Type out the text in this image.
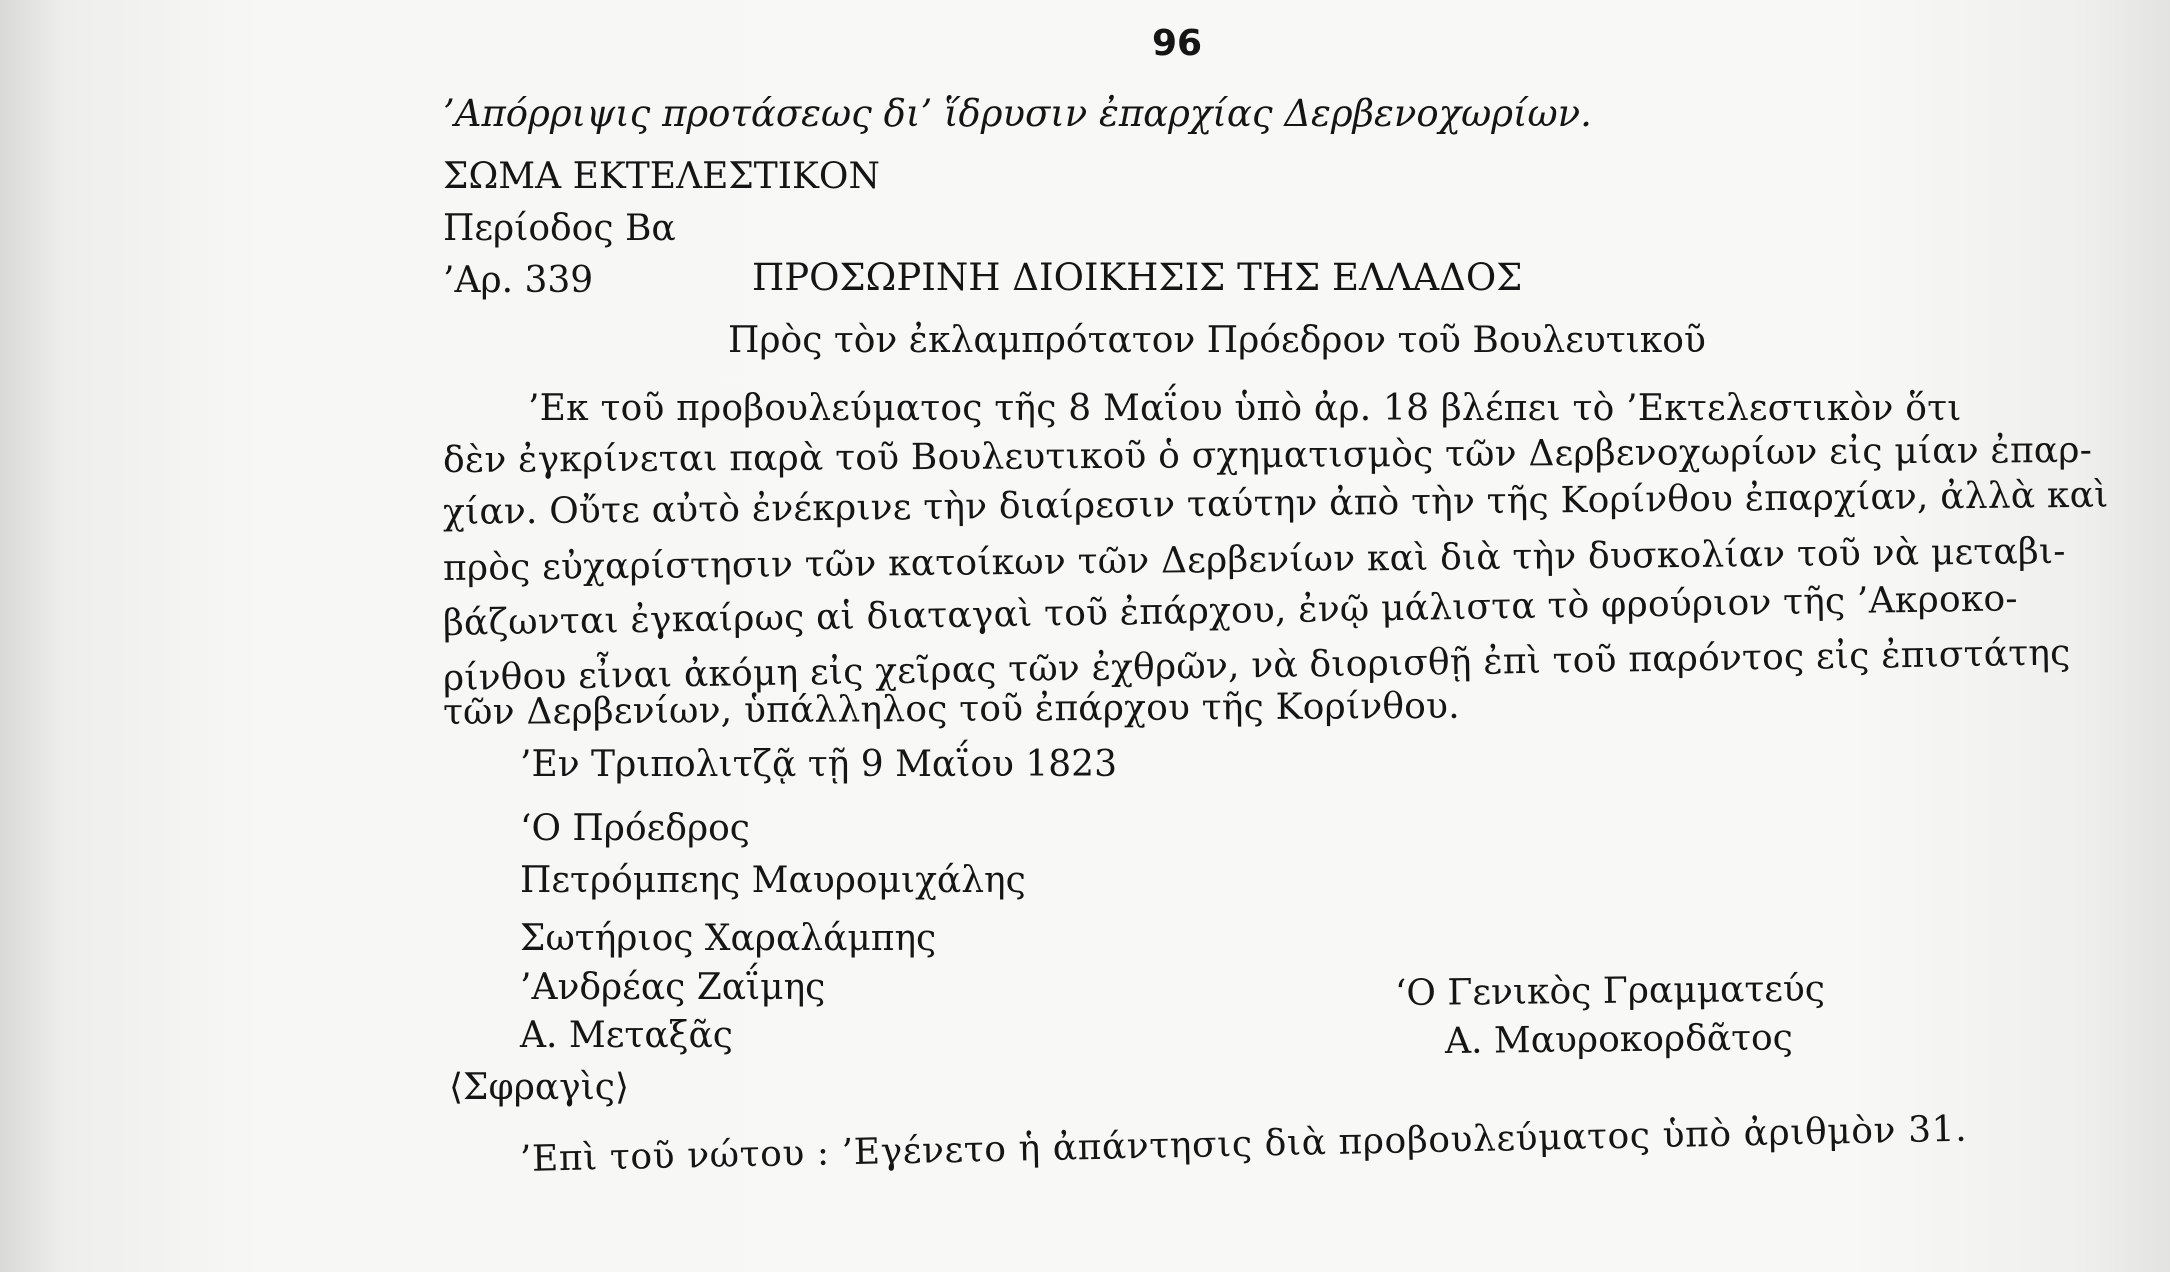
96
’Απόρριψις προτάσεως δι’ ἵδρυσιν ἐπαρχίας Δερβενοχωρίων.
ΣΩΜΑ ΕΚΤΕΛΕΣΤΙΚΟΝ
Περίοδος Βα
’Αρ. 339	ΠΡΟΣΩΡΙΝΗ ΔΙΟΙΚΗΣΙΣ ΤΗΣ ΕΛΛΑΔΟΣ
Πρὸς τὸν ἐκλαμπρότατον Πρόεδρον τοῦ Βουλευτικοῦ
’Εκ τοῦ προβουλεύματος τῆς 8 Μαΐου ὑπὸ ἀρ. 18 βλέπει τὸ ’Εκτελεστικὸν ὅτι
δὲν ἐγκρίνεται παρὰ τοῦ Βουλευτικοῦ ὁ σχηματισμὸς τῶν Δερβενοχωρίων εἰς μίαν ἐπαρ-
χίαν. Οὔτε αὐτὸ ἐνέκρινε τὴν διαίρεσιν ταύτην ἀπὸ τὴν τῆς Κορίνθου ἐπαρχίαν, ἀλλὰ καὶ
πρὸς εὐχαρίστησιν τῶν κατοίκων τῶν Δερβενίων καὶ διὰ τὴν δυσκολίαν τοῦ νὰ μεταβι-
βάζωνται ἐγκαίρως αἱ διαταγαὶ τοῦ ἐπάρχου, ἐνῷ μάλιστα τὸ φρούριον τῆς ’Ακροκο-
ρίνθου εἶναι ἀκόμη εἰς χεῖρας τῶν ἐχθρῶν, νὰ διορισθῇ ἐπὶ τοῦ παρόντος εἰς ἐπιστάτης
τῶν Δερβενίων, ὑπάλληλος τοῦ ἐπάρχου τῆς Κορίνθου.
’Εν Τριπολιτζᾷ τῇ 9 Μαΐου 1823
‘Ο Πρόεδρος
Πετρόμπεης Μαυρομιχάλης
Σωτήριος Χαραλάμπης
’Ανδρέας Ζαΐμης
Α. Μεταξᾶς
‘Ο Γενικὸς Γραμματεύς
Α. Μαυροκορδᾶτος
⟨Σφραγὶς⟩
’Επὶ τοῦ νώτου : ’Εγένετο ἡ ἀπάντησις διὰ προβουλεύματος ὑπὸ ἀριθμὸν 31.
